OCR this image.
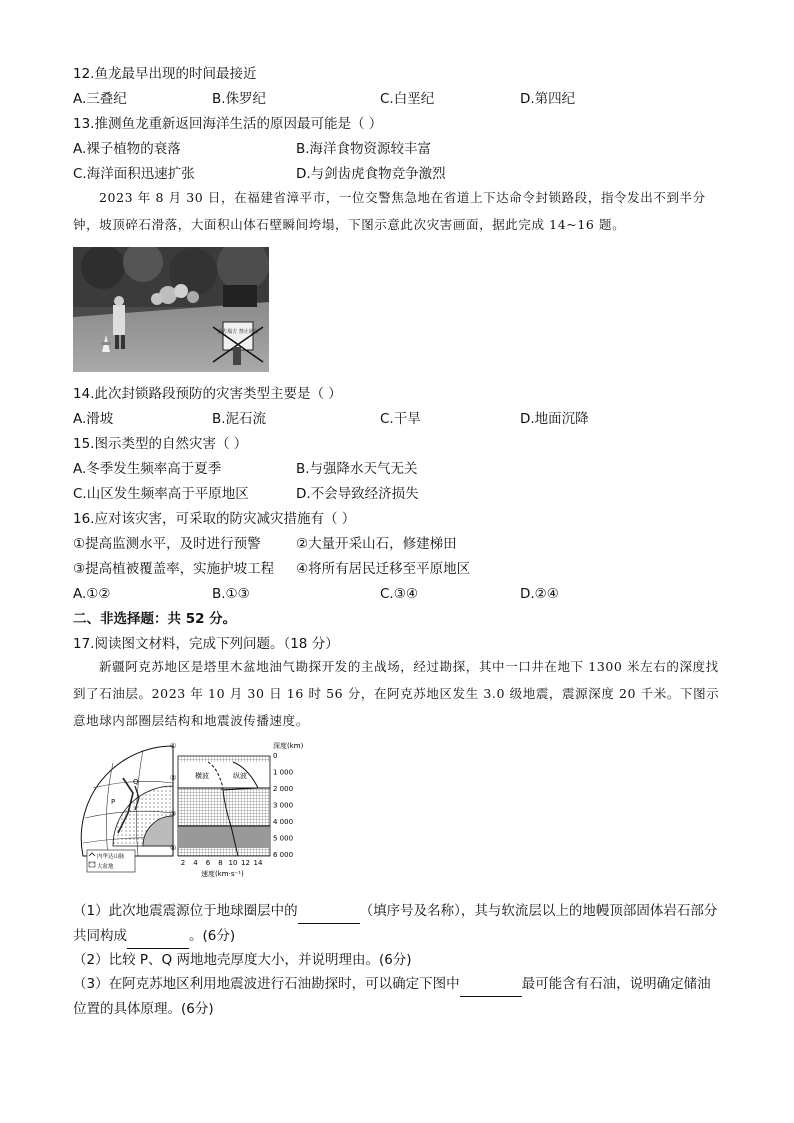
12.鱼龙最早出现的时间最接近
A.三叠纪	B.侏罗纪	C.白垩纪	D.第四纪
13.推测鱼龙重新返回海洋生活的原因最可能是（ ）
A.裸子植物的衰落	B.海洋食物资源较丰富
C.海洋面积迅速扩张	D.与剑齿虎食物竞争激烈
2023 年 8 月 30 日，在福建省漳平市，一位交警焦急地在省道上下达命令封锁路段，指令发出不到半分钟，坡顶碎石滑落，大面积山体石壁瞬间垮塌，下图示意此次灾害画面，据此完成 14~16 题。
前方塌方 禁止通行
14.此次封锁路段预防的灾害类型主要是（ ）
A.滑坡	B.泥石流	C.干旱	D.地面沉降
15.图示类型的自然灾害（ ）
A.冬季发生频率高于夏季	B.与强降水天气无关
C.山区发生频率高于平原地区	D.不会导致经济损失
16.应对该灾害，可采取的防灾减灾措施有（ ）
①提高监测水平，及时进行预警	②大量开采山石，修建梯田
③提高植被覆盖率，实施护坡工程 ④将所有居民迁移至平原地区
A.①②	B.①③	C.③④	D.②④
二、非选择题：共 52 分。
17.阅读图文材料，完成下列问题。（18 分）
新疆阿克苏地区是塔里木盆地油气勘探开发的主战场，经过勘探，其中一口井在地下 1300 米左右的深度找到了石油层。2023 年 10 月 30 日 16 时 56 分，在阿克苏地区发生 3.0 级地震，震源深度 20 千米。下图示意地球内部圈层结构和地震波传播速度。
P
Q
①
②
③
④
横波	纵波
深度(km)
0
1 000
2 000
3 000
4 000
5 000
6 000
2 4 6 8 10 12 14
速度(km·s⁻¹)
内华达山脉
大盆地
（1）此次地震震源位于地球圈层中的	（填序号及名称），其与软流层以上的地幔顶部固体岩石部分共同构成	。(6分)
（2）比较 P、Q 两地地壳厚度大小，并说明理由。(6分)
（3）在阿克苏地区利用地震波进行石油勘探时，可以确定下图中	最可能含有石油，说明确定储油位置的具体原理。(6分)
